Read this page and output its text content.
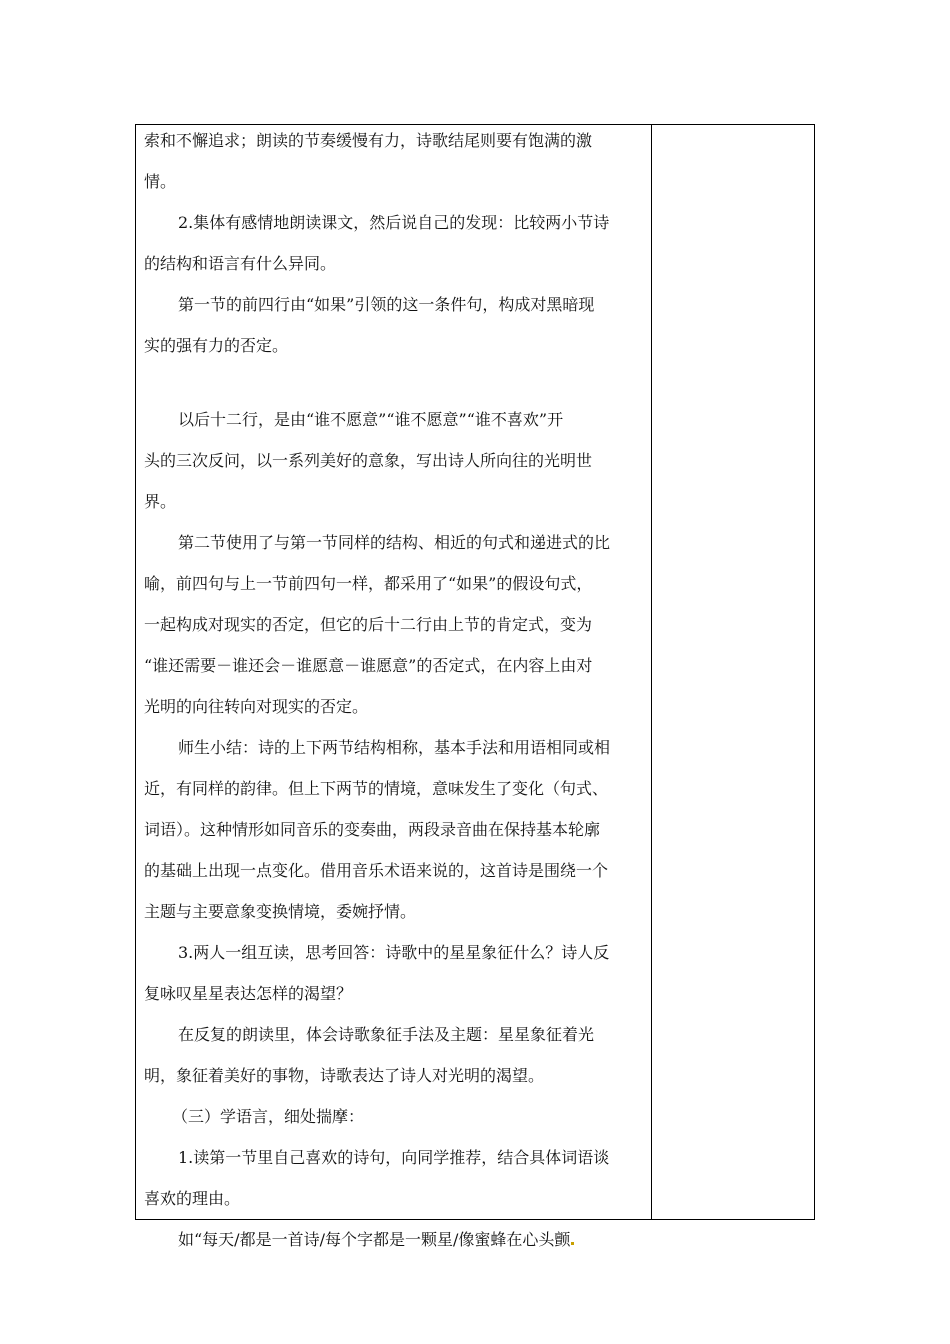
索和不懈追求；朗读的节奏缓慢有力，诗歌结尾则要有饱满的激
情。
2.集体有感情地朗读课文，然后说自己的发现：比较两小节诗
的结构和语言有什么异同。
第一节的前四行由“如果”引领的这一条件句，构成对黑暗现
实的强有力的否定。
以后十二行，是由“谁不愿意”“谁不愿意”“谁不喜欢”开
头的三次反问，以一系列美好的意象，写出诗人所向往的光明世
界。
第二节使用了与第一节同样的结构、相近的句式和递进式的比
喻，前四句与上一节前四句一样，都采用了“如果”的假设句式，
一起构成对现实的否定，但它的后十二行由上节的肯定式，变为
“谁还需要－谁还会－谁愿意－谁愿意”的否定式，在内容上由对
光明的向往转向对现实的否定。
师生小结：诗的上下两节结构相称，基本手法和用语相同或相
近，有同样的韵律。但上下两节的情境，意味发生了变化（句式、
词语）。这种情形如同音乐的变奏曲，两段录音曲在保持基本轮廓
的基础上出现一点变化。借用音乐术语来说的，这首诗是围绕一个
主题与主要意象变换情境，委婉抒情。
3.两人一组互读，思考回答：诗歌中的星星象征什么？诗人反
复咏叹星星表达怎样的渴望？
在反复的朗读里，体会诗歌象征手法及主题：星星象征着光
明，象征着美好的事物，诗歌表达了诗人对光明的渴望。
（三）学语言，细处揣摩：
1.读第一节里自己喜欢的诗句，向同学推荐，结合具体词语谈
喜欢的理由。
如“每天/都是一首诗/每个字都是一颗星/像蜜蜂在心头颤
